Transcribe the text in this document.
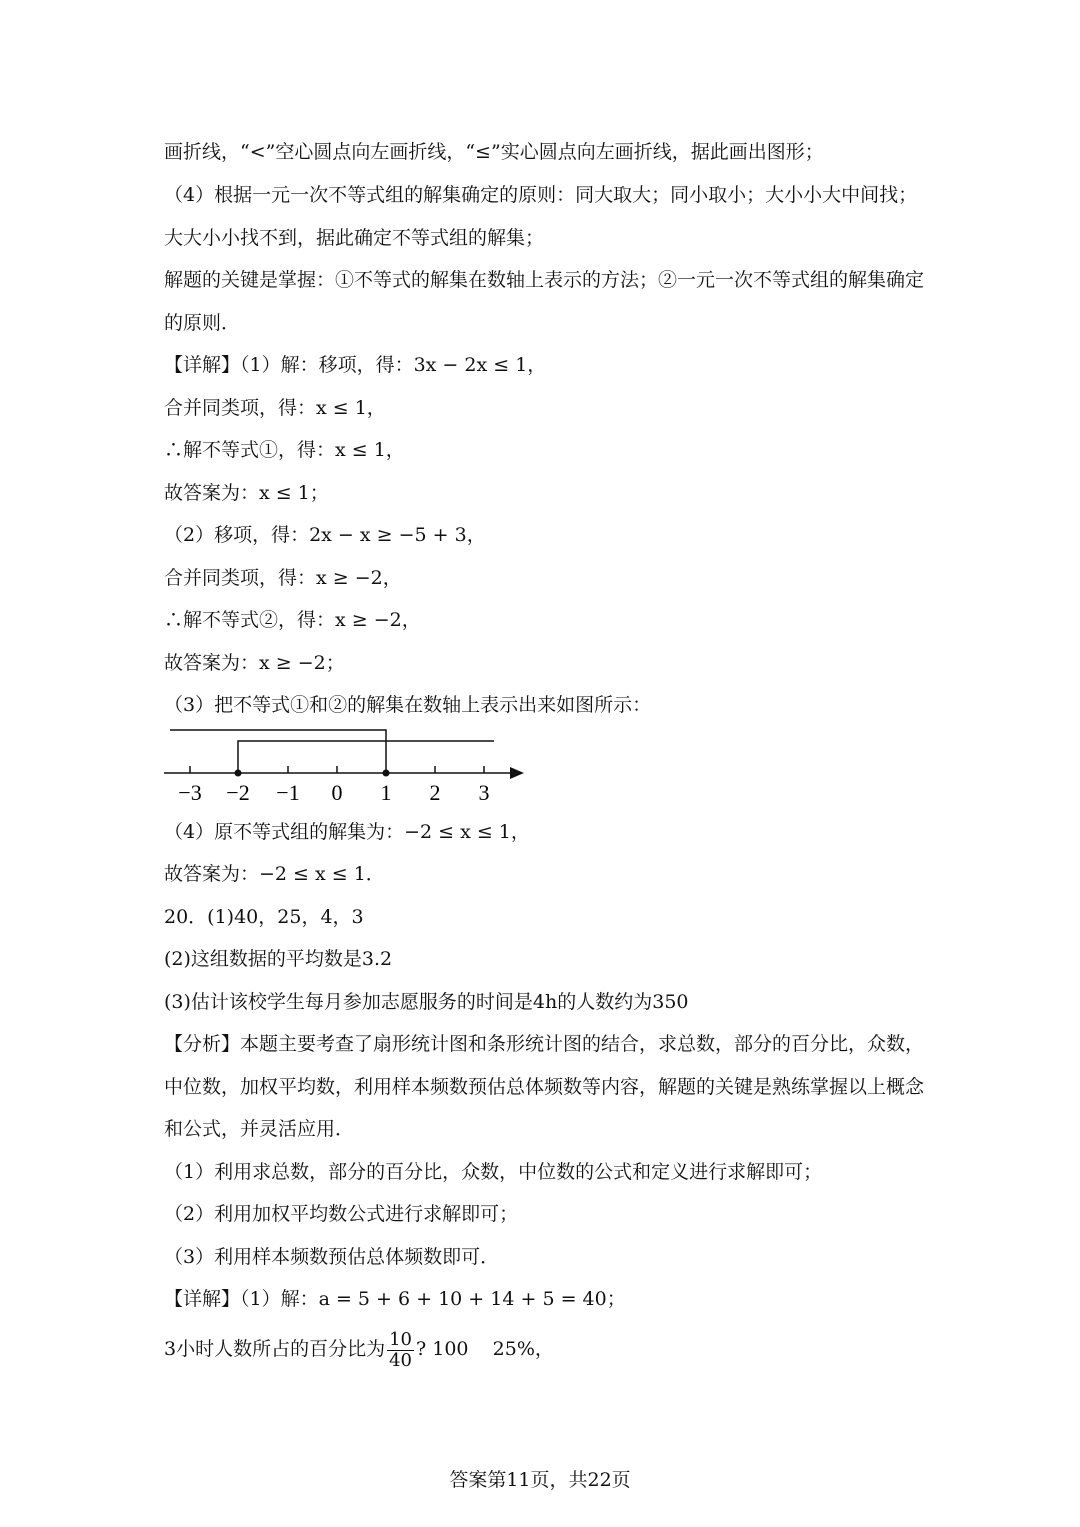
画折线，“<”空心圆点向左画折线，“≤”实心圆点向左画折线，据此画出图形；
（4）根据一元一次不等式组的解集确定的原则：同大取大；同小取小；大小小大中间找；
大大小小找不到，据此确定不等式组的解集；
解题的关键是掌握：①不等式的解集在数轴上表示的方法；②一元一次不等式组的解集确定
的原则．
【详解】（1）解：移项，得：3x − 2x ≤ 1，
合并同类项，得：x ≤ 1，
∴解不等式①，得：x ≤ 1，
故答案为：x ≤ 1；
（2）移项，得：2x − x ≥ −5 + 3，
合并同类项，得：x ≥ −2，
∴解不等式②，得：x ≥ −2，
故答案为：x ≥ −2；
（3）把不等式①和②的解集在数轴上表示出来如图所示：
−3 −2 −1 0 1 2 3
（4）原不等式组的解集为：−2 ≤ x ≤ 1，
故答案为：−2 ≤ x ≤ 1．
20．(1)40，25，4，3
(2)这组数据的平均数是3.2
(3)估计该校学生每月参加志愿服务的时间是4h的人数约为350
【分析】本题主要考查了扇形统计图和条形统计图的结合，求总数，部分的百分比，众数，
中位数，加权平均数，利用样本频数预估总体频数等内容，解题的关键是熟练掌握以上概念
和公式，并灵活应用．
（1）利用求总数，部分的百分比，众数，中位数的公式和定义进行求解即可；
（2）利用加权平均数公式进行求解即可；
（3）利用样本频数预估总体频数即可．
【详解】（1）解：a = 5 + 6 + 10 + 14 + 5 = 40；
3小时人数所占的百分比为 $\frac{10}{40}$ ? 100    25%，
答案第11页，共22页
